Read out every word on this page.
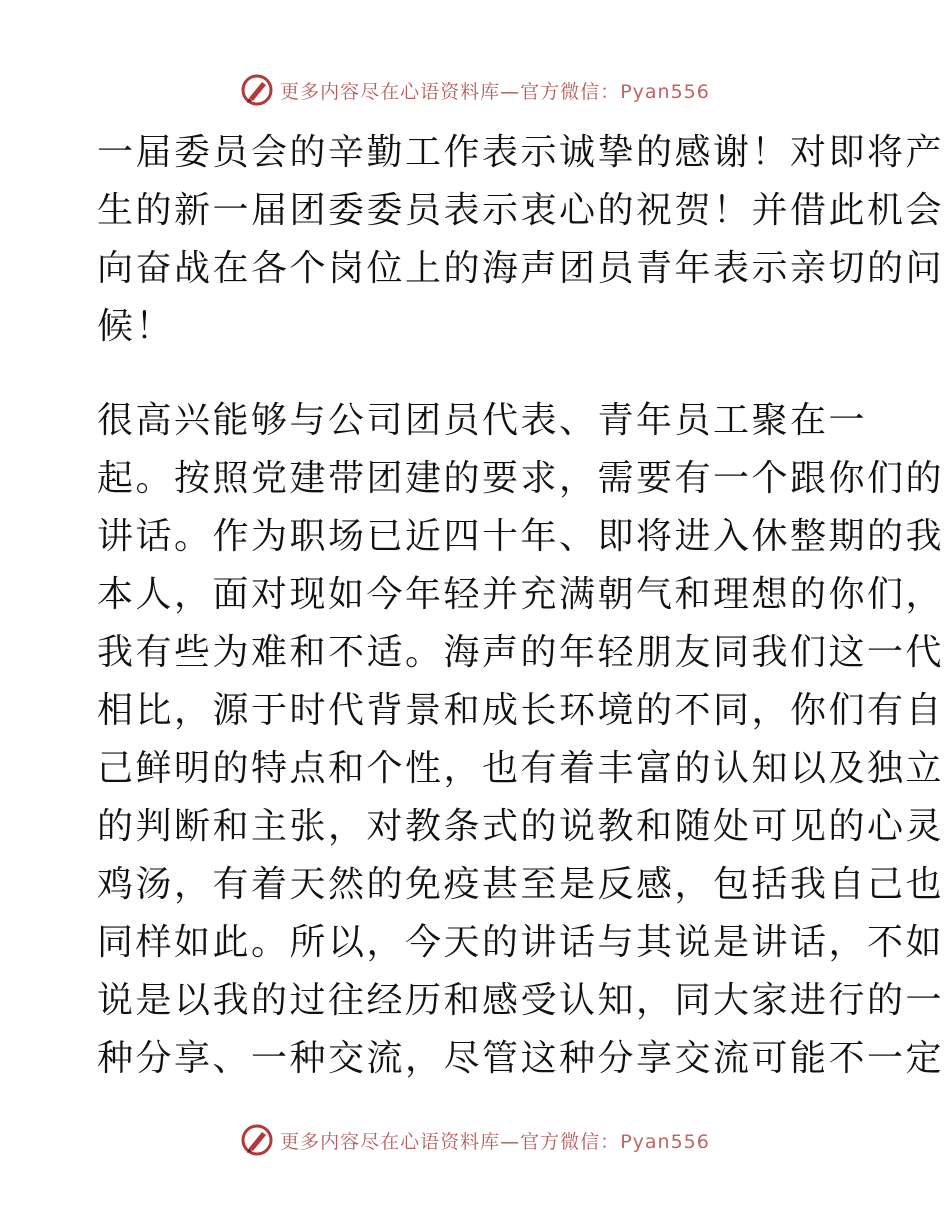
更多内容尽在心语资料库—官方微信：Pyan556
一届委员会的辛勤工作表示诚挚的感谢！对即将产
生的新一届团委委员表示衷心的祝贺！并借此机会
向奋战在各个岗位上的海声团员青年表示亲切的问
候！
很高兴能够与公司团员代表、青年员工聚在一
起。按照党建带团建的要求，需要有一个跟你们的
讲话。作为职场已近四十年、即将进入休整期的我
本人，面对现如今年轻并充满朝气和理想的你们，
我有些为难和不适。海声的年轻朋友同我们这一代
相比，源于时代背景和成长环境的不同，你们有自
己鲜明的特点和个性，也有着丰富的认知以及独立
的判断和主张，对教条式的说教和随处可见的心灵
鸡汤，有着天然的免疫甚至是反感，包括我自己也
同样如此。所以，今天的讲话与其说是讲话，不如
说是以我的过往经历和感受认知，同大家进行的一
种分享、一种交流，尽管这种分享交流可能不一定
更多内容尽在心语资料库—官方微信：Pyan556
